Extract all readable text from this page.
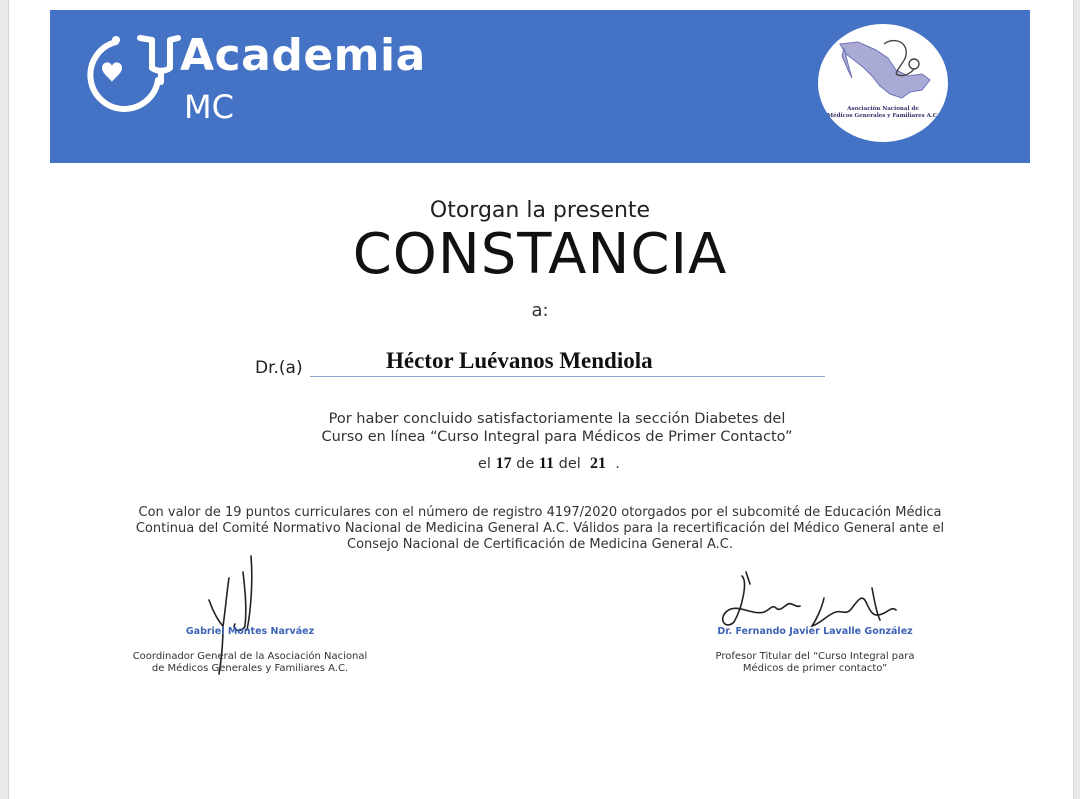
Academia
MC	Asociación Nacional de
Médicos Generales y Familiares A.C.
Otorgan la presente
CONSTANCIA
a:
Dr.(a)	Héctor Luévanos Mendiola
Por haber concluido satisfactoriamente la sección Diabetes del
Curso en línea “Curso Integral para Médicos de Primer Contacto”
el 17 de 11 del 21 .
Con valor de 19 puntos curriculares con el número de registro 4197/2020 otorgados por el subcomité de Educación Médica
Continua del Comité Normativo Nacional de Medicina General A.C. Válidos para la recertificación del Médico General ante el
Consejo Nacional de Certificación de Medicina General A.C.
Gabriel Montes Narváez
Coordinador General de la Asociación Nacional
de Médicos Generales y Familiares A.C.
Dr. Fernando Javier Lavalle González
Profesor Titular del “Curso Integral para
Médicos de primer contacto”
